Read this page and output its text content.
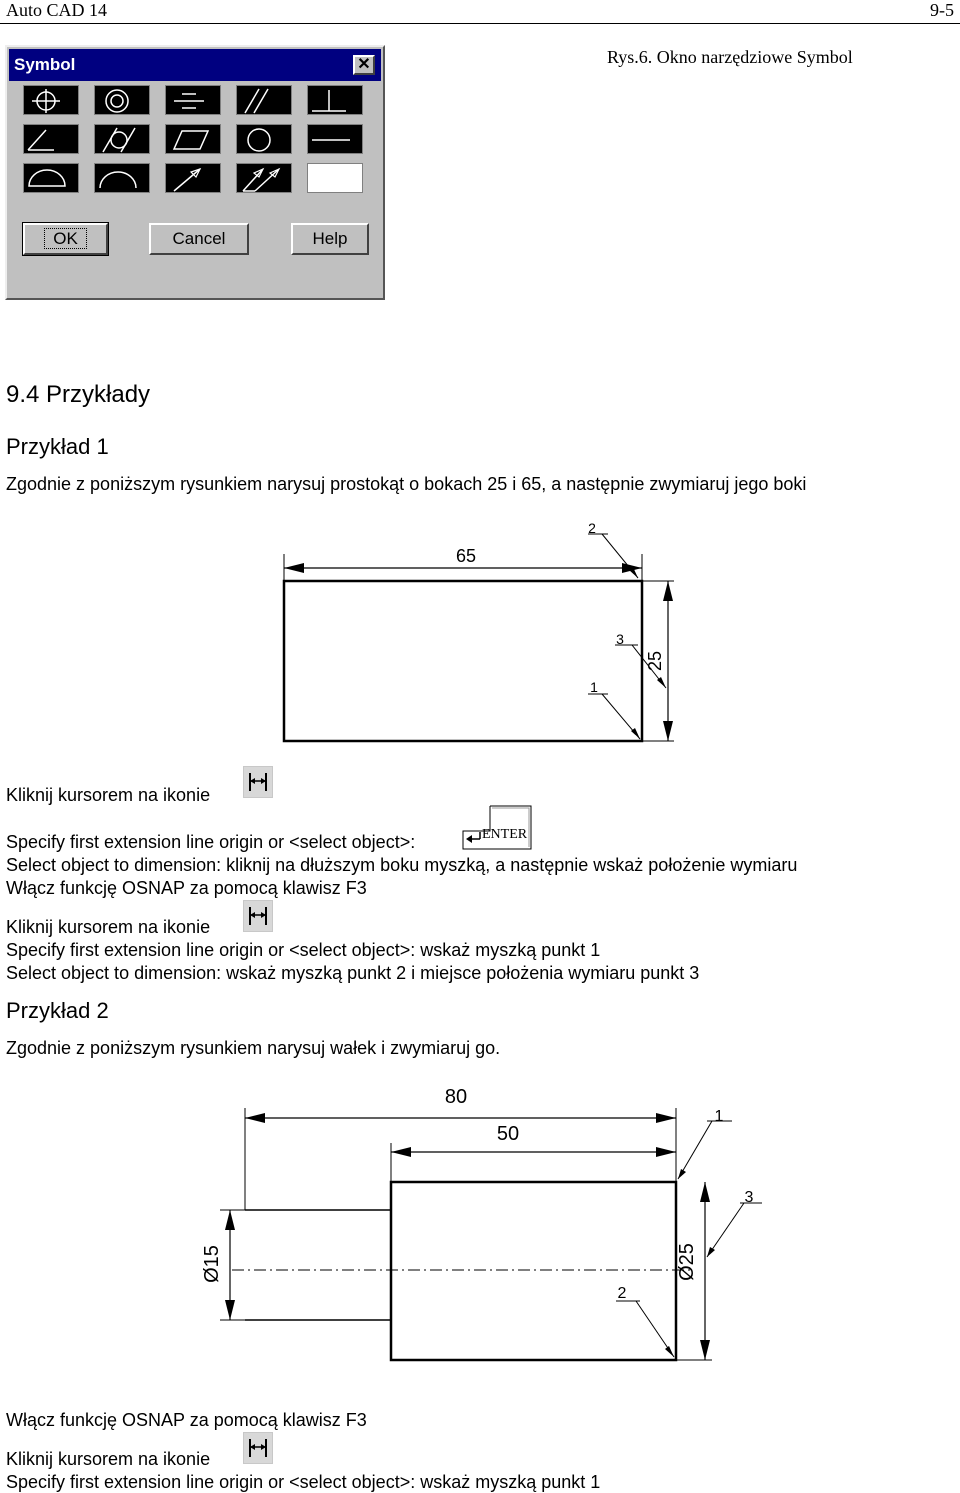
Auto CAD 14	9-5
Rys.6. Okno narzędziowe Symbol
Symbol	✕
OK	Cancel	Help
9.4 Przykłady
Przykład 1
Zgodnie z poniższym rysunkiem narysuj prostokąt o bokach 25 i 65, a następnie zwymiaruj jego boki
65
25
2
3
1
Kliknij kursorem na ikonie
Specify first extension line origin or <select object>:	ENTER
Select object to dimension: kliknij na dłuższym boku myszką, a następnie wskaż położenie wymiaru
Włącz funkcję OSNAP za pomocą klawisz F3
Kliknij kursorem na ikonie
Specify first extension line origin or <select object>: wskaż myszką punkt 1
Select object to dimension: wskaż myszką punkt 2 i miejsce położenia wymiaru punkt 3
Przykład 2
Zgodnie z poniższym rysunkiem narysuj wałek i zwymiaruj go.
80
50
Ø15	Ø25
1
3
2
Włącz funkcję OSNAP za pomocą klawisz F3
Kliknij kursorem na ikonie
Specify first extension line origin or <select object>: wskaż myszką punkt 1
